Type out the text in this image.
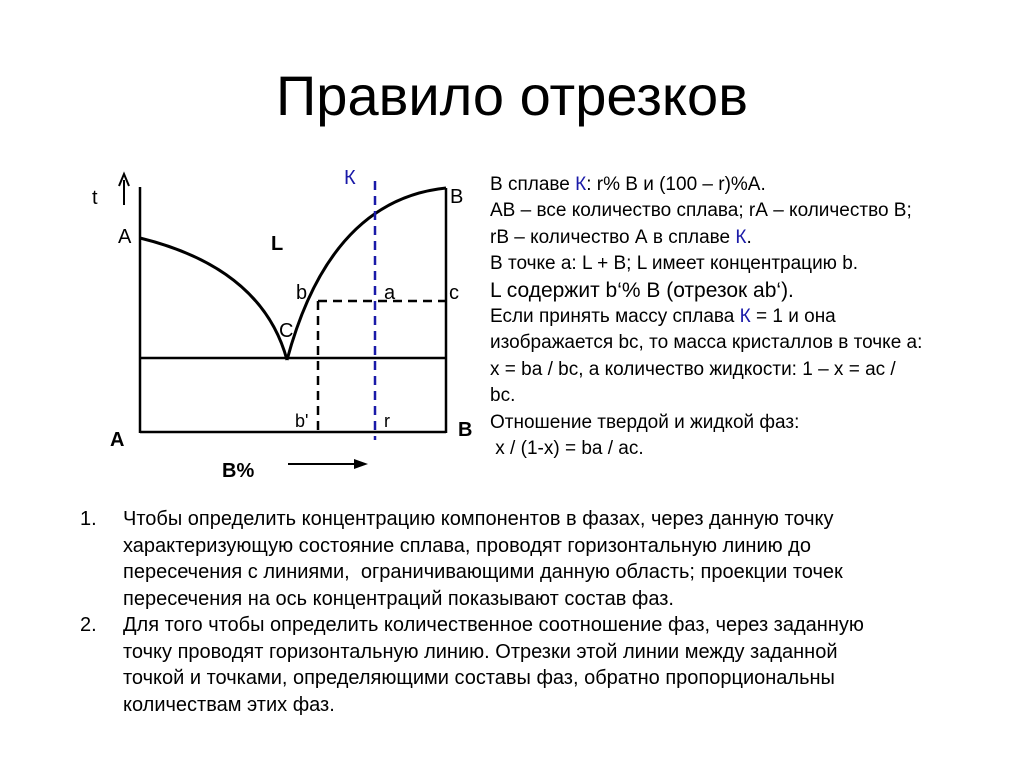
Правило отрезков
t
A
B
L
К
b	a	c
C
b'	r
A	B
B%
В сплаве К: r% В и (100 – r)%А.
АВ – все количество сплава; rА – количество В;
rВ – количество А в сплаве К.
В точке a: L + В; L имеет концентрацию b.
L содержит b‘% В (отрезок ab‘).
Если принять массу сплава К = 1 и она
изображается bc, то масса кристаллов в точке a:
x = ba / bc, а количество жидкости: 1 – x = ac /
bc.
Отношение твердой и жидкой фаз:
x / (1-x) = ba / ac.
1. Чтобы определить концентрацию компонентов в фазах, через данную точку
характеризующую состояние сплава, проводят горизонтальную линию до
пересечения с линиями,  ограничивающими данную область; проекции точек
пересечения на ось концентраций показывают состав фаз.
2. Для того чтобы определить количественное соотношение фаз, через заданную
точку проводят горизонтальную линию. Отрезки этой линии между заданной
точкой и точками, определяющими составы фаз, обратно пропорциональны
количествам этих фаз.
